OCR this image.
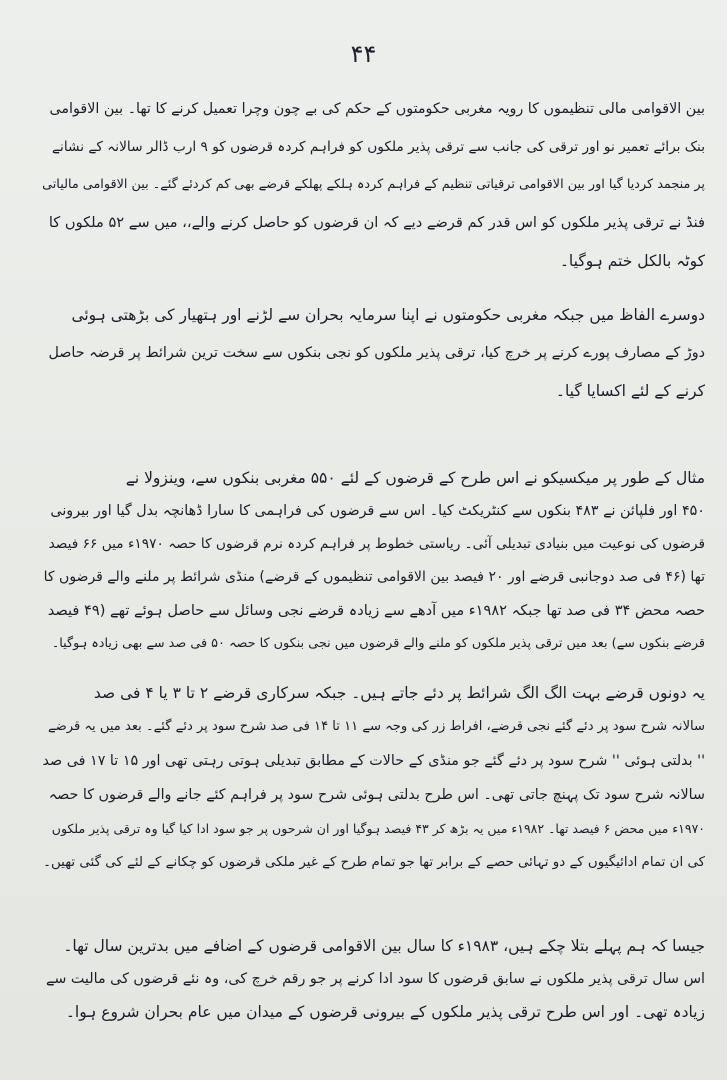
۴۴
بین الاقوامی مالی تنظیموں کا رویہ مغربی حکومتوں کے حکم کی بے چون وچرا تعمیل کرنے کا تھا۔ بین الاقوامی
بنک برائے تعمیر نو اور ترقی کی جانب سے ترقی پذیر ملکوں کو فراہم کردہ قرضوں کو ۹ ارب ڈالر سالانہ کے نشانے
پر منجمد کردیا گیا اور بین الاقوامی ترقیاتی تنظیم کے فراہم کردہ ہلکے پھلکے قرضے بھی کم کردئے گئے۔ بین الاقوامی مالیاتی
فنڈ نے ترقی پذیر ملکوں کو اس قدر کم قرضے دیے کہ ان قرضوں کو حاصل کرنے والے،، میں سے ۵۲ ملکوں کا
کوٹہ بالکل ختم ہوگیا۔
دوسرے الفاظ میں جبکہ مغربی حکومتوں نے اپنا سرمایہ بحران سے لڑنے اور ہتھیار کی بڑھتی ہوئی
دوڑ کے مصارف پورے کرنے پر خرچ کیا، ترقی پذیر ملکوں کو نجی بنکوں سے سخت ترین شرائط پر قرضہ حاصل
کرنے کے لئے اکسایا گیا۔
مثال کے طور پر میکسیکو نے اس طرح کے قرضوں کے لئے ۵۵۰ مغربی بنکوں سے، وینزولا نے
۴۵۰ اور فلپائن نے ۴۸۳ بنکوں سے کنٹریکٹ کیا۔ اس سے قرضوں کی فراہمی کا سارا ڈھانچہ بدل گیا اور بیرونی
قرضوں کی نوعیت میں بنیادی تبدیلی آئی۔ ریاستی خطوط پر فراہم کردہ نرم قرضوں کا حصہ ۱۹۷۰ء میں ۶۶ فیصد
تھا (۴۶ فی صد دوجانبی قرضے اور ۲۰ فیصد بین الاقوامی تنظیموں کے قرضے) منڈی شرائط پر ملنے والے قرضوں کا
حصہ محض ۳۴ فی صد تھا جبکہ ۱۹۸۲ء میں آدھے سے زیادہ قرضے نجی وسائل سے حاصل ہوئے تھے (۴۹ فیصد
قرضے بنکوں سے) بعد میں ترقی پذیر ملکوں کو ملنے والے قرضوں میں نجی بنکوں کا حصہ ۵۰ فی صد سے بھی زیادہ ہوگیا۔
یہ دونوں قرضے بہت الگ الگ شرائط پر دئے جاتے ہیں۔ جبکہ سرکاری قرضے ۲ تا ۳ یا ۴ فی صد
سالانہ شرح سود پر دئے گئے نجی قرضے، افراط زر کی وجہ سے ۱۱ تا ۱۴ فی صد شرح سود پر دئے گئے۔ بعد میں یہ قرضے
'' بدلتی ہوئی '' شرح سود پر دئے گئے جو منڈی کے حالات کے مطابق تبدیلی ہوتی رہتی تھی اور ۱۵ تا ۱۷ فی صد
سالانہ شرح سود تک پہنچ جاتی تھی۔ اس طرح بدلتی ہوئی شرح سود پر فراہم کئے جانے والے قرضوں کا حصہ
۱۹۷۰ء میں محض ۶ فیصد تھا۔ ۱۹۸۲ء میں یہ بڑھ کر ۴۳ فیصد ہوگیا اور ان شرحوں پر جو سود ادا کیا گیا وہ ترقی پذیر ملکوں
کی ان تمام ادائیگیوں کے دو تہائی حصے کے برابر تھا جو تمام طرح کے غیر ملکی قرضوں کو چکانے کے لئے کی گئی تھیں۔
جیسا کہ ہم پہلے بتلا چکے ہیں، ۱۹۸۳ء کا سال بین الاقوامی قرضوں کے اضافے میں بدترین سال تھا۔
اس سال ترقی پذیر ملکوں نے سابق قرضوں کا سود ادا کرنے پر جو رقم خرچ کی، وہ نئے قرضوں کی مالیت سے
زیادہ تھی۔ اور اس طرح ترقی پذیر ملکوں کے بیرونی قرضوں کے میدان میں عام بحران شروع ہوا۔
